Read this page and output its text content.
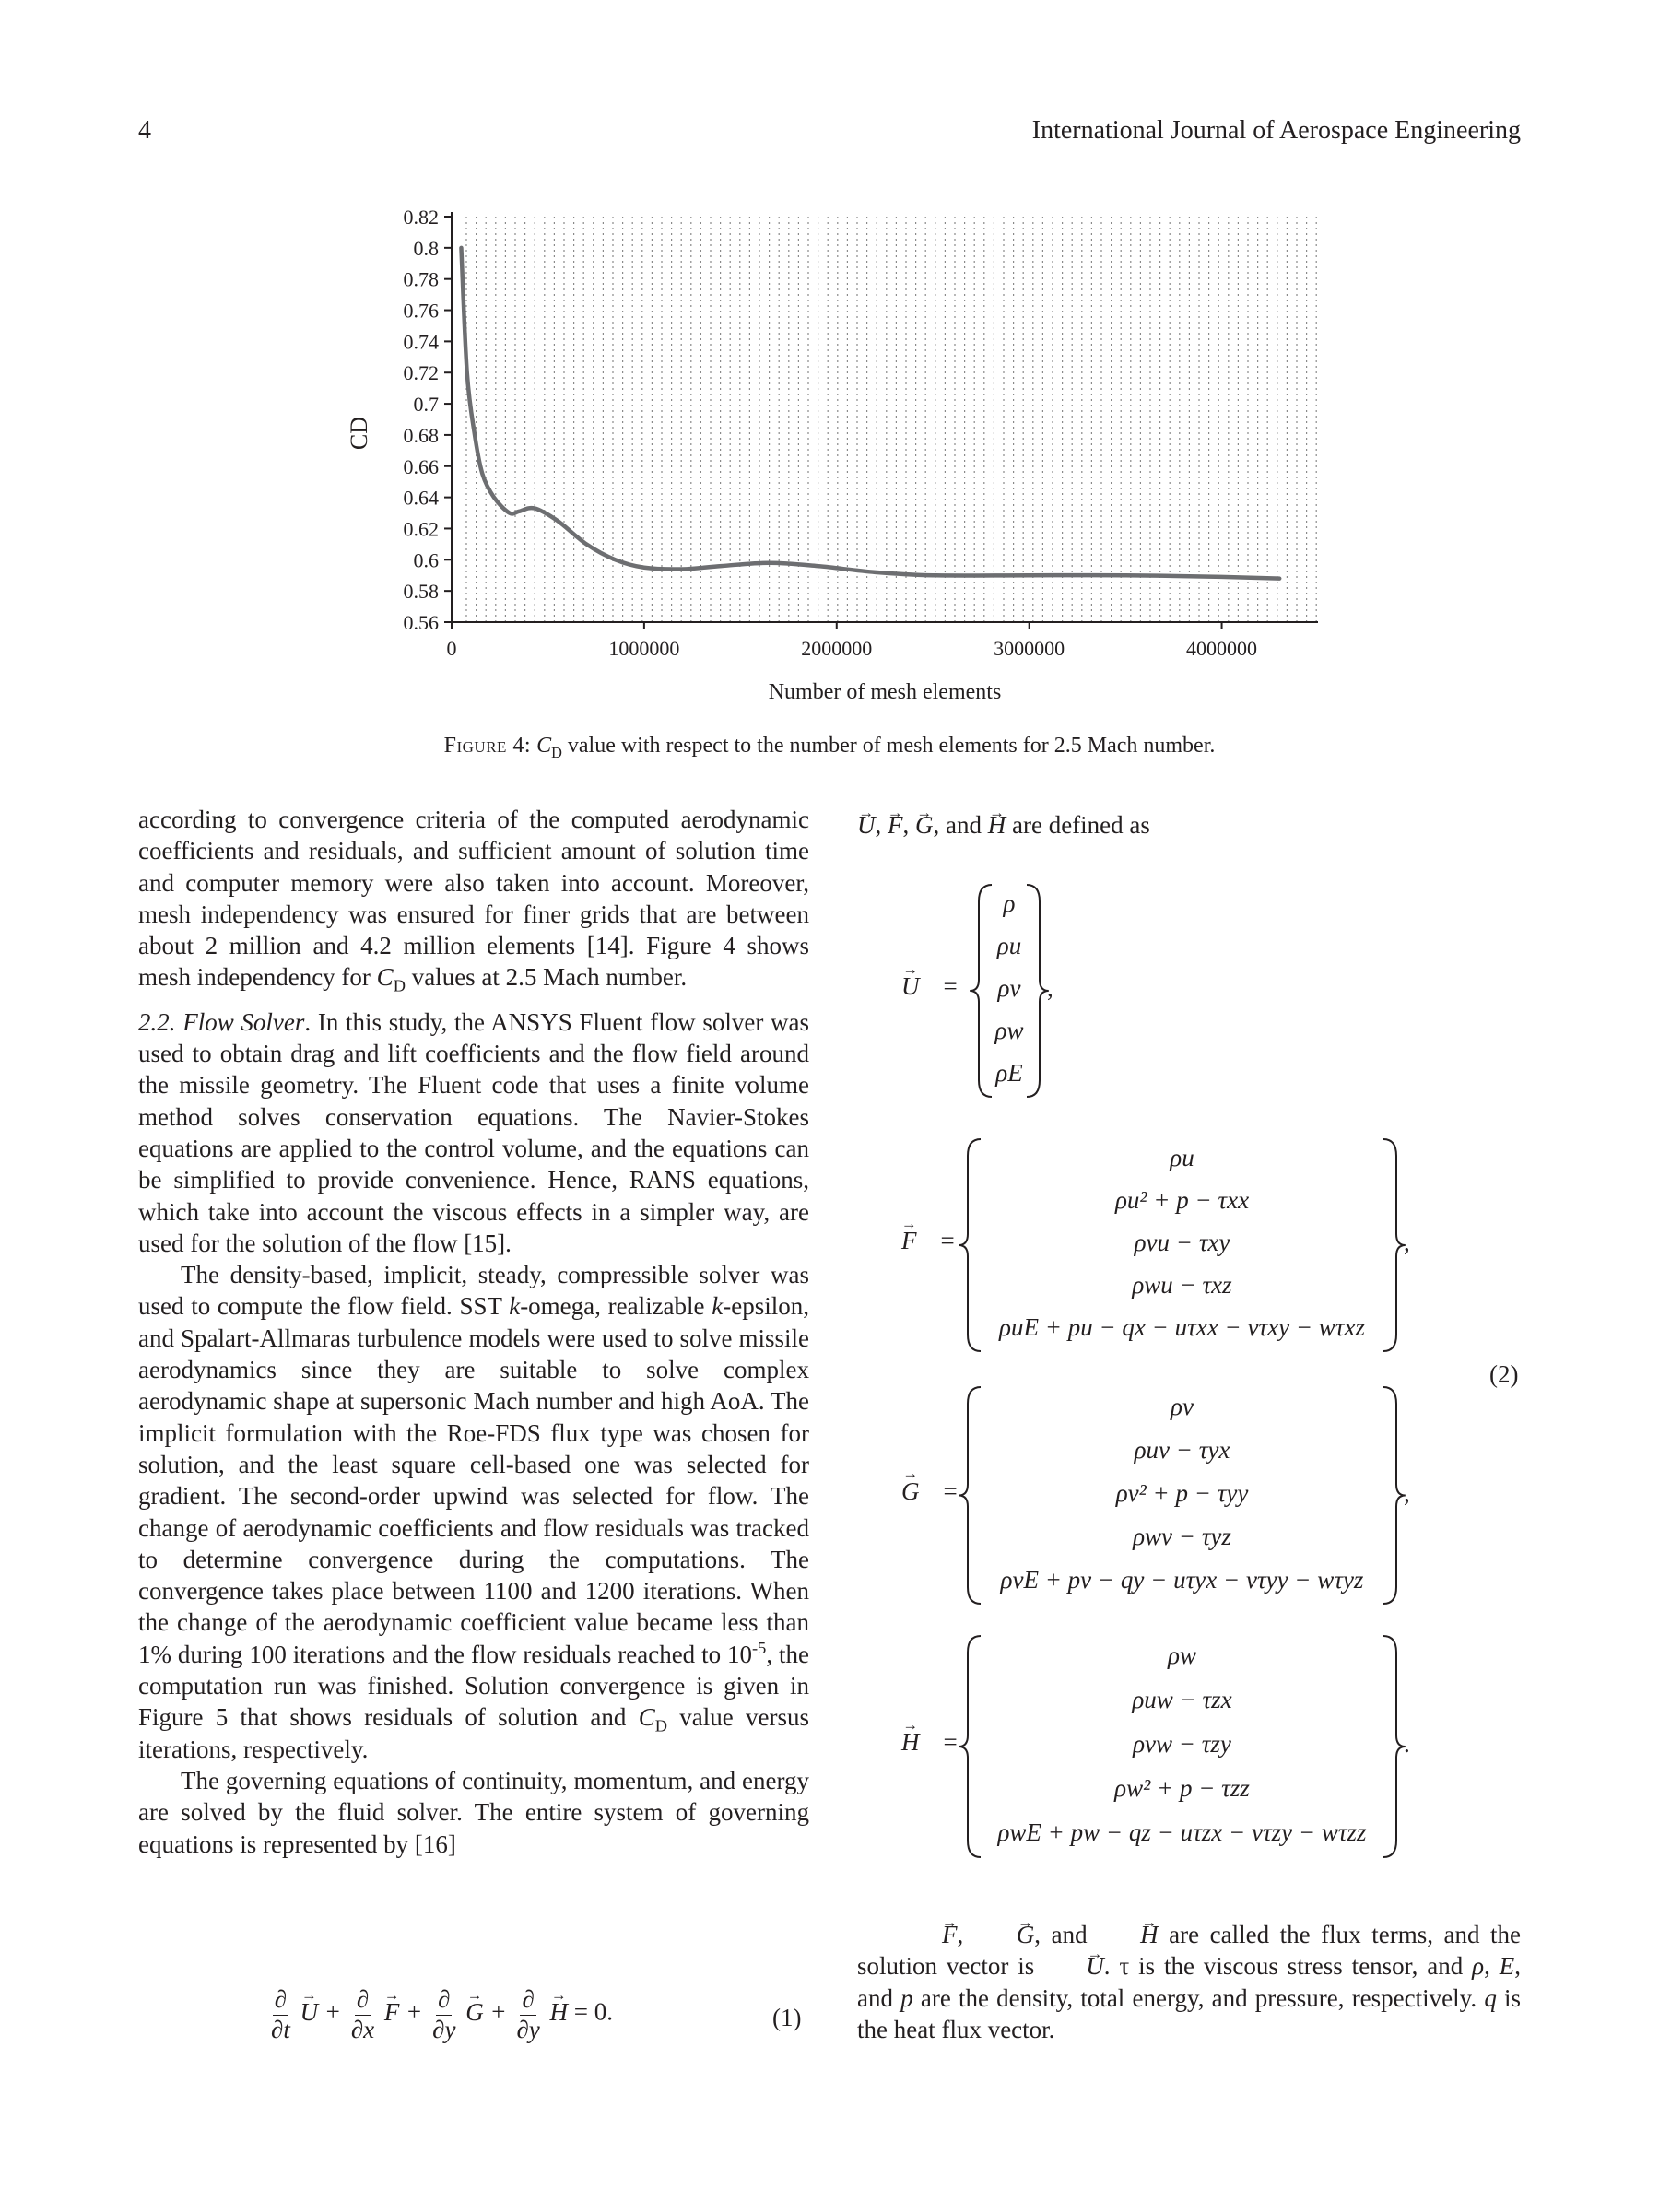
4	International Journal of Aerospace Engineering
0.82
0.8
0.78
0.76
0.74
0.72
0.7
0.68
0.66
0.64
0.62
0.6
0.58
0.56
0	1000000	2000000	3000000	4000000
CD
Number of mesh elements
Figure 4: $C_D$ value with respect to the number of mesh elements for 2.5 Mach number.

according to convergence criteria of the computed aerodynamic coefficients and residuals, and sufficient amount of solution time and computer memory were also taken into account. Moreover, mesh independency was ensured for finer grids that are between about 2 million and 4.2 million elements [14]. Figure 4 shows mesh independency for $C_D$ values at 2.5 Mach number.

2.2. Flow Solver. In this study, the ANSYS Fluent flow solver was used to obtain drag and lift coefficients and the flow field around the missile geometry. The Fluent code that uses a finite volume method solves conservation equations. The Navier-Stokes equations are applied to the control volume, and the equations can be simplified to provide convenience. Hence, RANS equations, which take into account the viscous effects in a simpler way, are used for the solution of the flow [15].

The density-based, implicit, steady, compressible solver was used to compute the flow field. SST k-omega, realizable k-epsilon, and Spalart-Allmaras turbulence models were used to solve missile aerodynamics since they are suitable to solve complex aerodynamic shape at supersonic Mach number and high AoA. The implicit formulation with the Roe-FDS flux type was chosen for solution, and the least square cell-based one was selected for gradient. The second-order upwind was selected for flow. The change of aerodynamic coefficients and flow residuals was tracked to determine convergence during the computations. The convergence takes place between 1100 and 1200 iterations. When the change of the aerodynamic coefficient value became less than 1% during 100 iterations and the flow residuals reached to $10^{-5}$, the computation run was finished. Solution convergence is given in Figure 5 that shows residuals of solution and $C_D$ value versus iterations, respectively.

The governing equations of continuity, momentum, and energy are solved by the fluid solver. The entire system of governing equations is represented by [16]

$\frac{\partial}{\partial t}$
→ $U + \frac{\partial}{\partial x}$
→ $F + \frac{\partial}{\partial y}$
→ $G + \frac{\partial}{\partial y}$
→ H = 0.	(1)
→ U, → F, → G, and → H are defined as
→ U =
ρ
ρu
ρv
ρw
ρE
,
→ F =
ρu
ρu² + p − τxx
ρvu − τxy
ρwu − τxz
ρuE + pu − qx − uτxx − vτxy − wτxz
,
→ G =
ρv
ρuv − τyx
ρv² + p − τyy
ρwv − τyz
ρvE + pv − qy − uτyx − vτyy − wτyz
,
→ H =
ρw
ρuw − τzx
ρvw − τzy
ρw² + p − τzz
ρwE + pw − qz − uτzx − vτzy − wτzz
.
(2)

→ F, → G, and → H are called the flux terms, and the solution vector is → U. τ is the viscous stress tensor, and ρ, E, and p are the density, total energy, and pressure, respectively. q is the heat flux vector.
